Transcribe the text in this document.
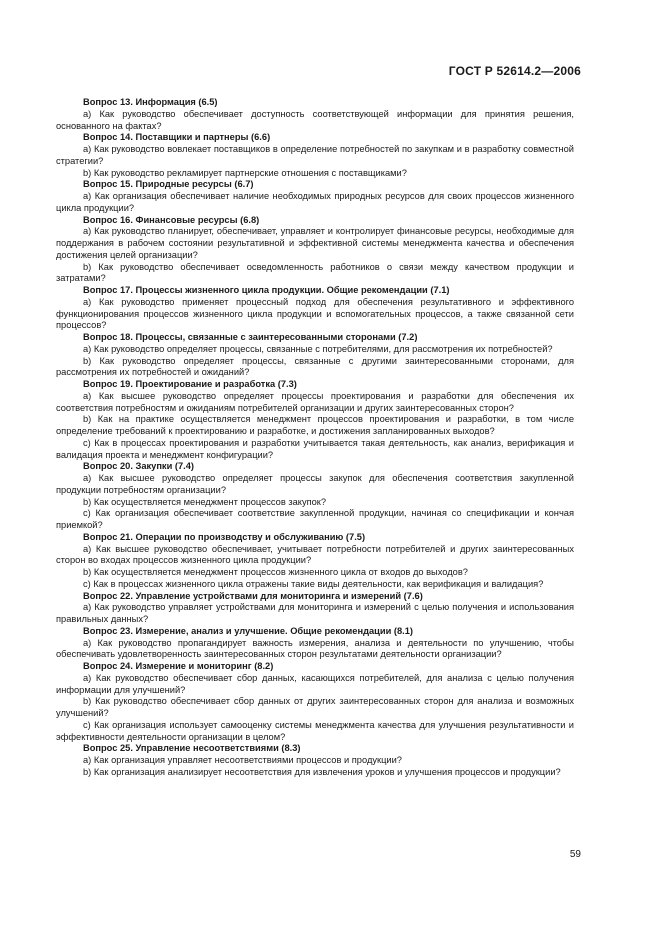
ГОСТ Р 52614.2—2006

Вопрос 13. Информация (6.5)

а) Как руководство обеспечивает доступность соответствующей информации для принятия решения, основанного на фактах?

Вопрос 14. Поставщики и партнеры (6.6)

а) Как руководство вовлекает поставщиков в определение потребностей по закупкам и в разработку совместной стратегии?

b) Как руководство рекламирует партнерские отношения с поставщиками?

Вопрос 15. Природные ресурсы (6.7)

а) Как организация обеспечивает наличие необходимых природных ресурсов для своих процессов жизненного цикла продукции?

Вопрос 16. Финансовые ресурсы (6.8)

а) Как руководство планирует, обеспечивает, управляет и контролирует финансовые ресурсы, необходимые для поддержания в рабочем состоянии результативной и эффективной системы менеджмента качества и обеспечения достижения целей организации?

b) Как руководство обеспечивает осведомленность работников о связи между качеством продукции и затратами?

Вопрос 17. Процессы жизненного цикла продукции. Общие рекомендации (7.1)

а) Как руководство применяет процессный подход для обеспечения результативного и эффективного функционирования процессов жизненного цикла продукции и вспомогательных процессов, а также связанной сети процессов?

Вопрос 18. Процессы, связанные с заинтересованными сторонами (7.2)

а) Как руководство определяет процессы, связанные с потребителями, для рассмотрения их потребностей?

b) Как руководство определяет процессы, связанные с другими заинтересованными сторонами, для рассмотрения их потребностей и ожиданий?

Вопрос 19. Проектирование и разработка (7.3)

а) Как высшее руководство определяет процессы проектирования и разработки для обеспечения их соответствия потребностям и ожиданиям потребителей организации и других заинтересованных сторон?

b) Как на практике осуществляется менеджмент процессов проектирования и разработки, в том числе определение требований к проектированию и разработке, и достижения запланированных выходов?

с) Как в процессах проектирования и разработки учитывается такая деятельность, как анализ, верификация и валидация проекта и менеджмент конфигурации?

Вопрос 20. Закупки (7.4)

а) Как высшее руководство определяет процессы закупок для обеспечения соответствия закупленной продукции потребностям организации?

b) Как осуществляется менеджмент процессов закупок?

с) Как организация обеспечивает соответствие закупленной продукции, начиная со спецификации и кончая приемкой?

Вопрос 21. Операции по производству и обслуживанию (7.5)

а) Как высшее руководство обеспечивает, учитывает потребности потребителей и других заинтересованных сторон во входах процессов жизненного цикла продукции?

b) Как осуществляется менеджмент процессов жизненного цикла от входов до выходов?

с) Как в процессах жизненного цикла отражены такие виды деятельности, как верификация и валидация?

Вопрос 22. Управление устройствами для мониторинга и измерений (7.6)

а) Как руководство управляет устройствами для мониторинга и измерений с целью получения и использования правильных данных?

Вопрос 23. Измерение, анализ и улучшение. Общие рекомендации (8.1)

а) Как руководство пропагандирует важность измерения, анализа и деятельности по улучшению, чтобы обеспечивать удовлетворенность заинтересованных сторон результатами деятельности организации?

Вопрос 24. Измерение и мониторинг (8.2)

а) Как руководство обеспечивает сбор данных, касающихся потребителей, для анализа с целью получения информации для улучшений?

b) Как руководство обеспечивает сбор данных от других заинтересованных сторон для анализа и возможных улучшений?

с) Как организация использует самооценку системы менеджмента качества для улучшения результативности и эффективности деятельности организации в целом?

Вопрос 25. Управление несоответствиями (8.3)

а) Как организация управляет несоответствиями процессов и продукции?

b) Как организация анализирует несоответствия для извлечения уроков и улучшения процессов и продукции?

59
